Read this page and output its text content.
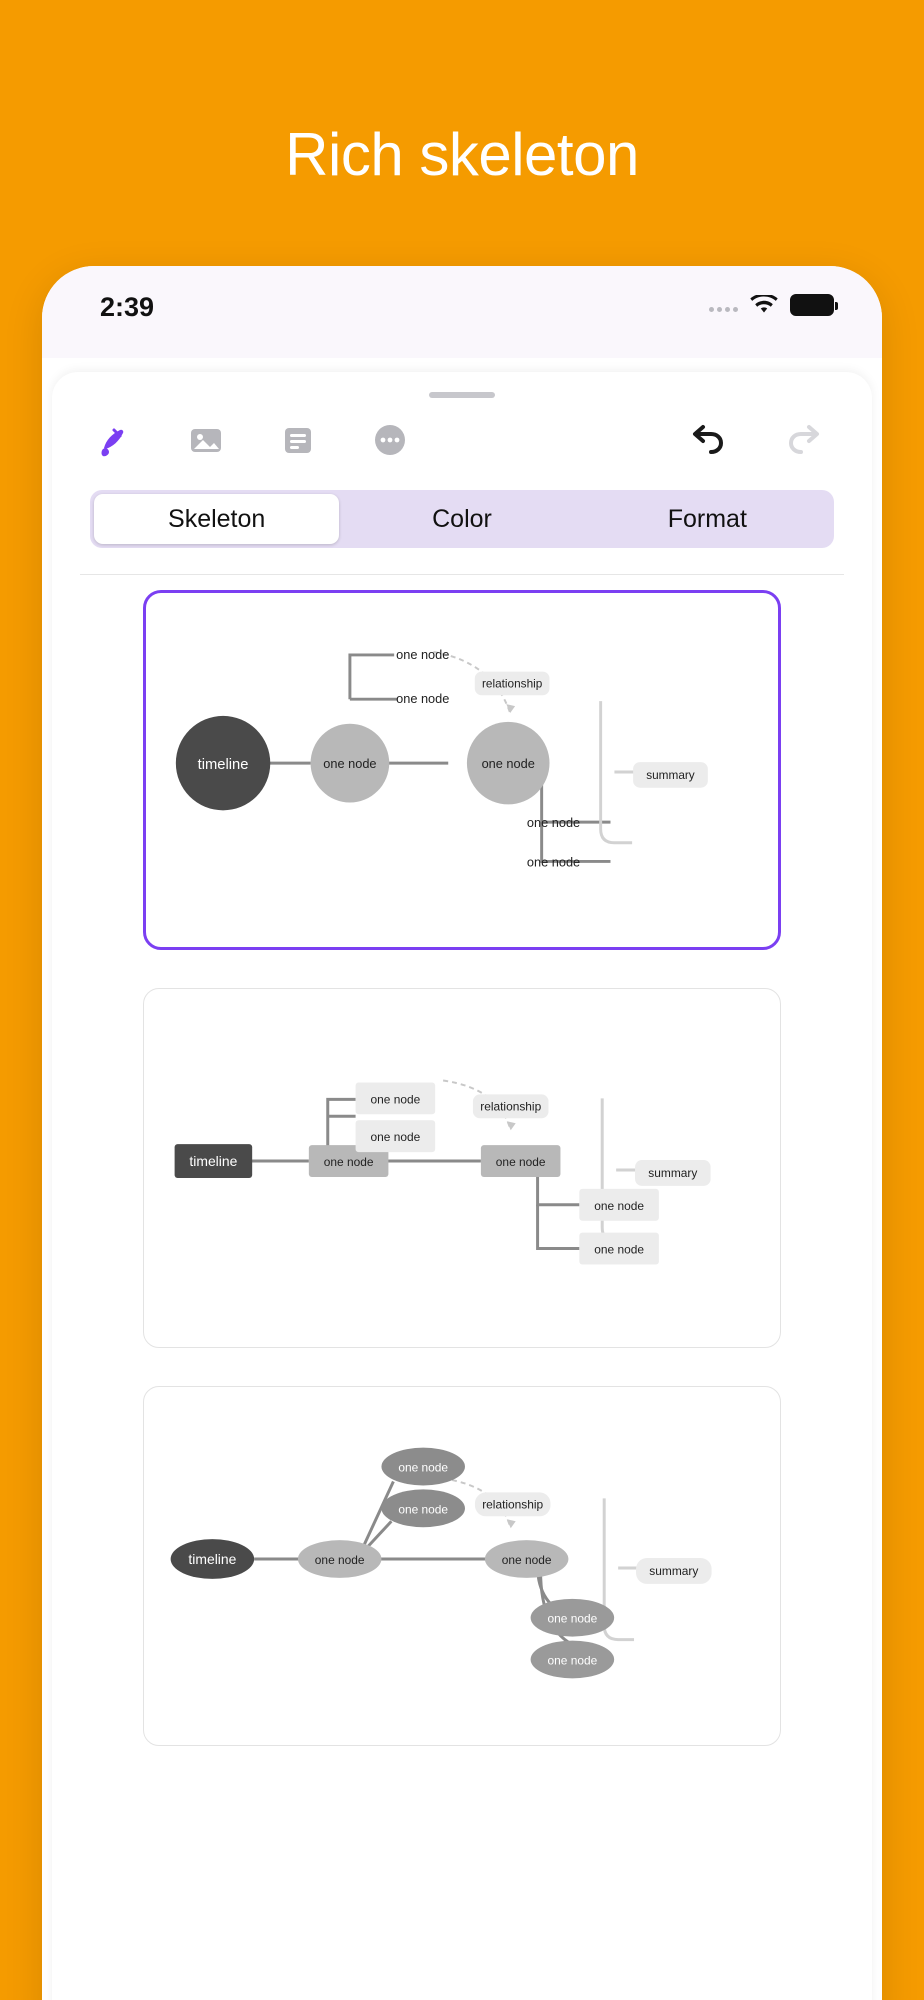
Rich skeleton
2:39
Skeleton	Color	Format
timeline	one node	one node
one node
one node
one node
one node
relationship
summary
timeline	one node	one node
one node
one node
one node
one node
relationship
summary
timeline	one node	one node
one node
one node
one node
one node
relationship
summary
